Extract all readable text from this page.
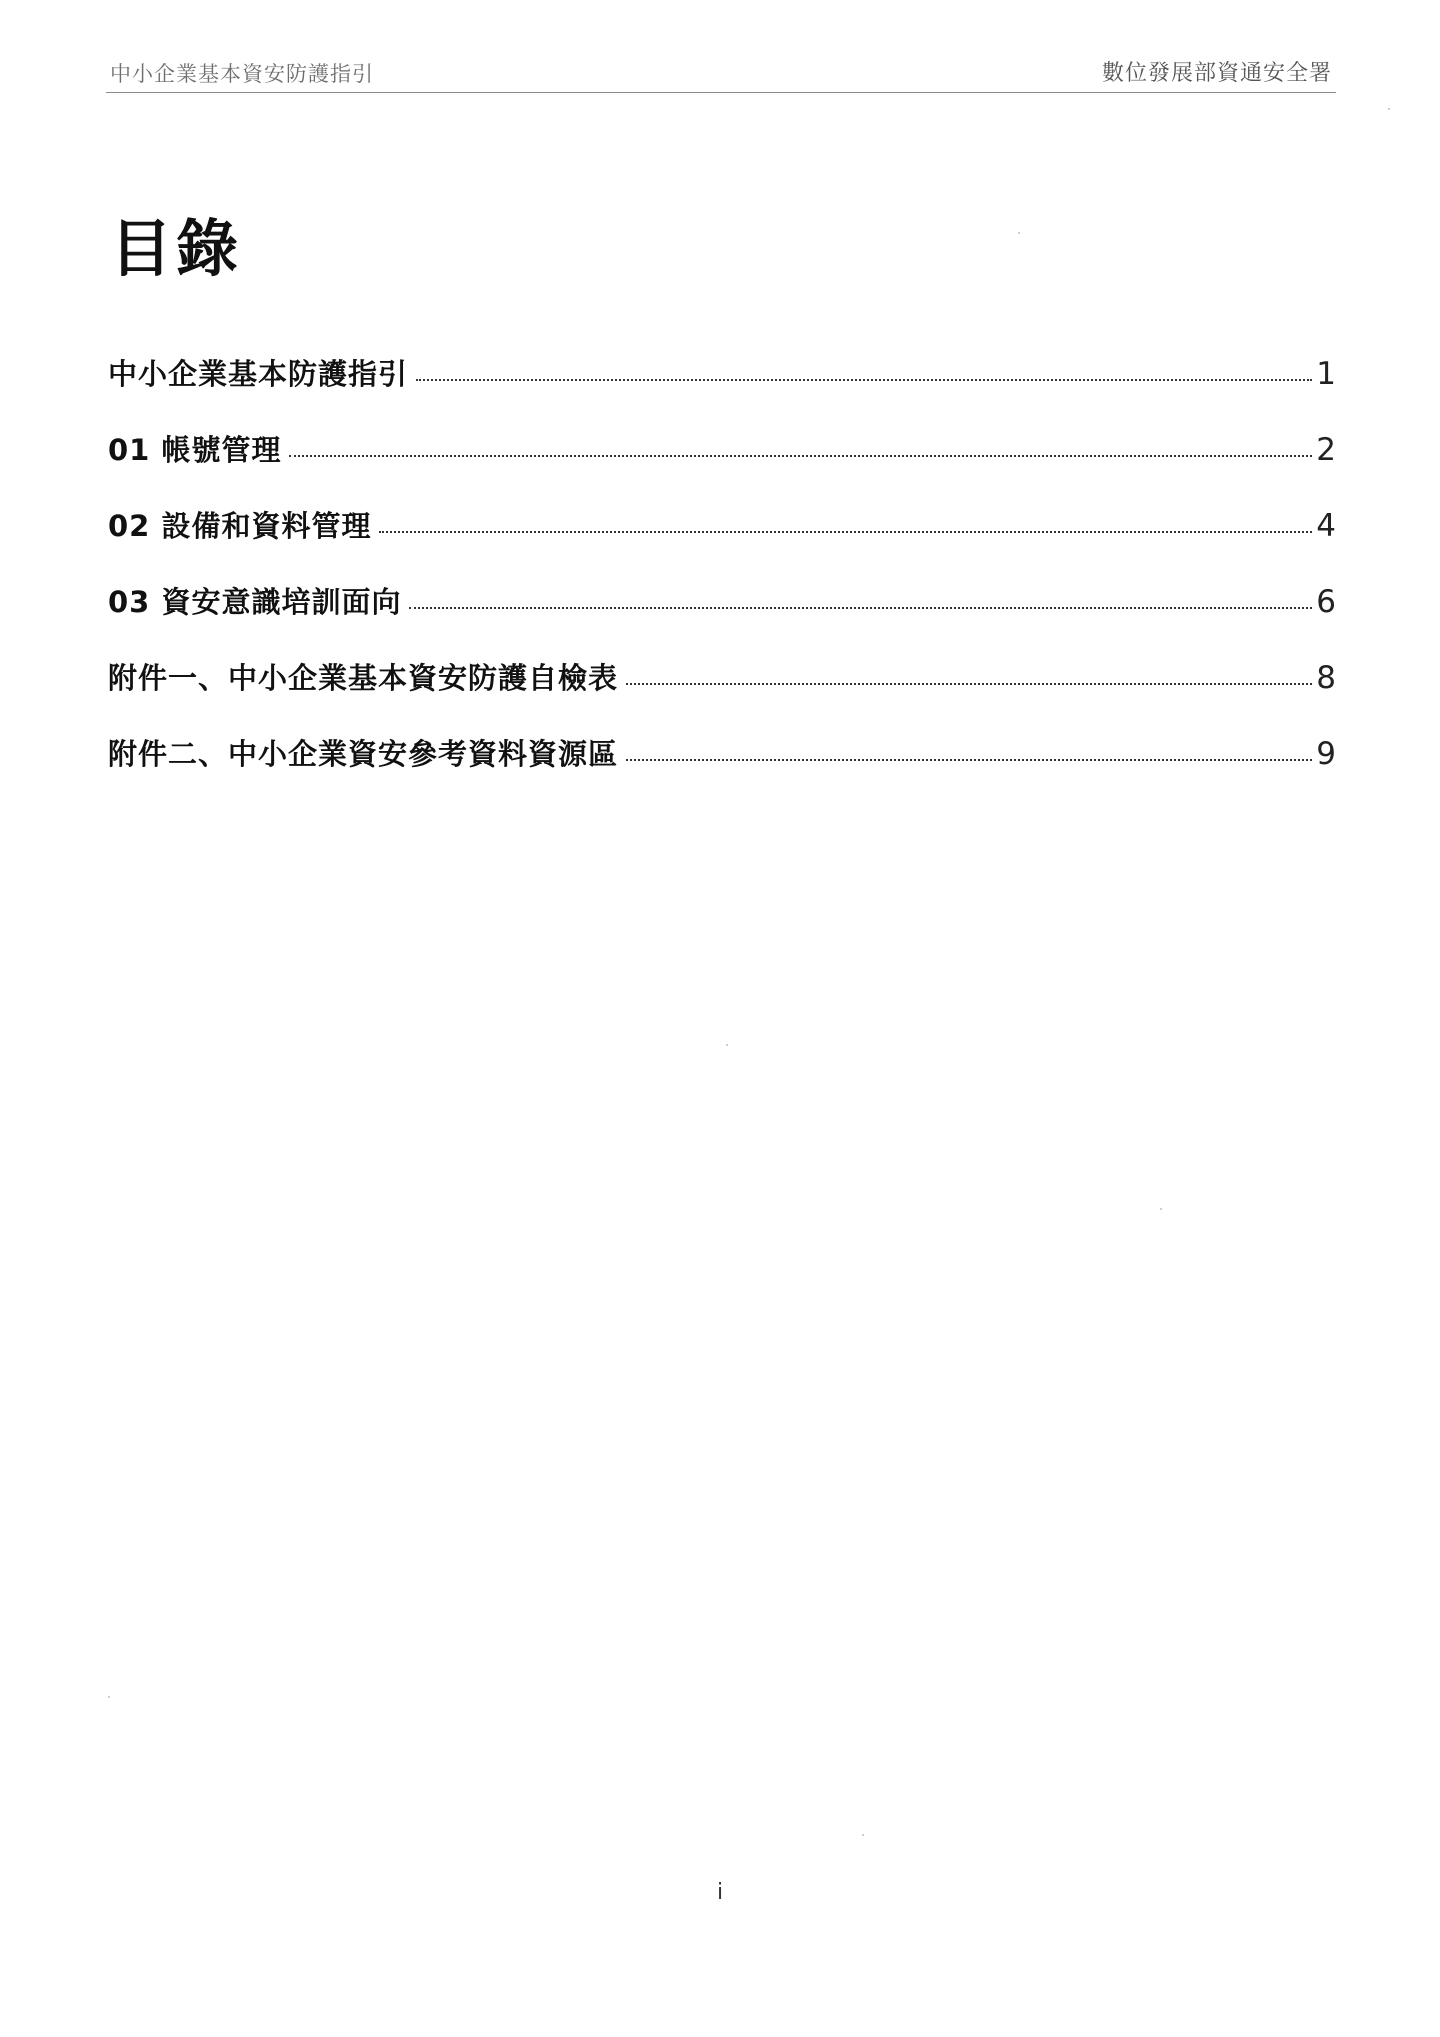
中小企業基本資安防護指引	數位發展部資通安全署
目錄
中小企業基本防護指引	1
01 帳號管理	2
02 設備和資料管理	4
03 資安意識培訓面向	6
附件一、中小企業基本資安防護自檢表	8
附件二、中小企業資安參考資料資源區	9
i
